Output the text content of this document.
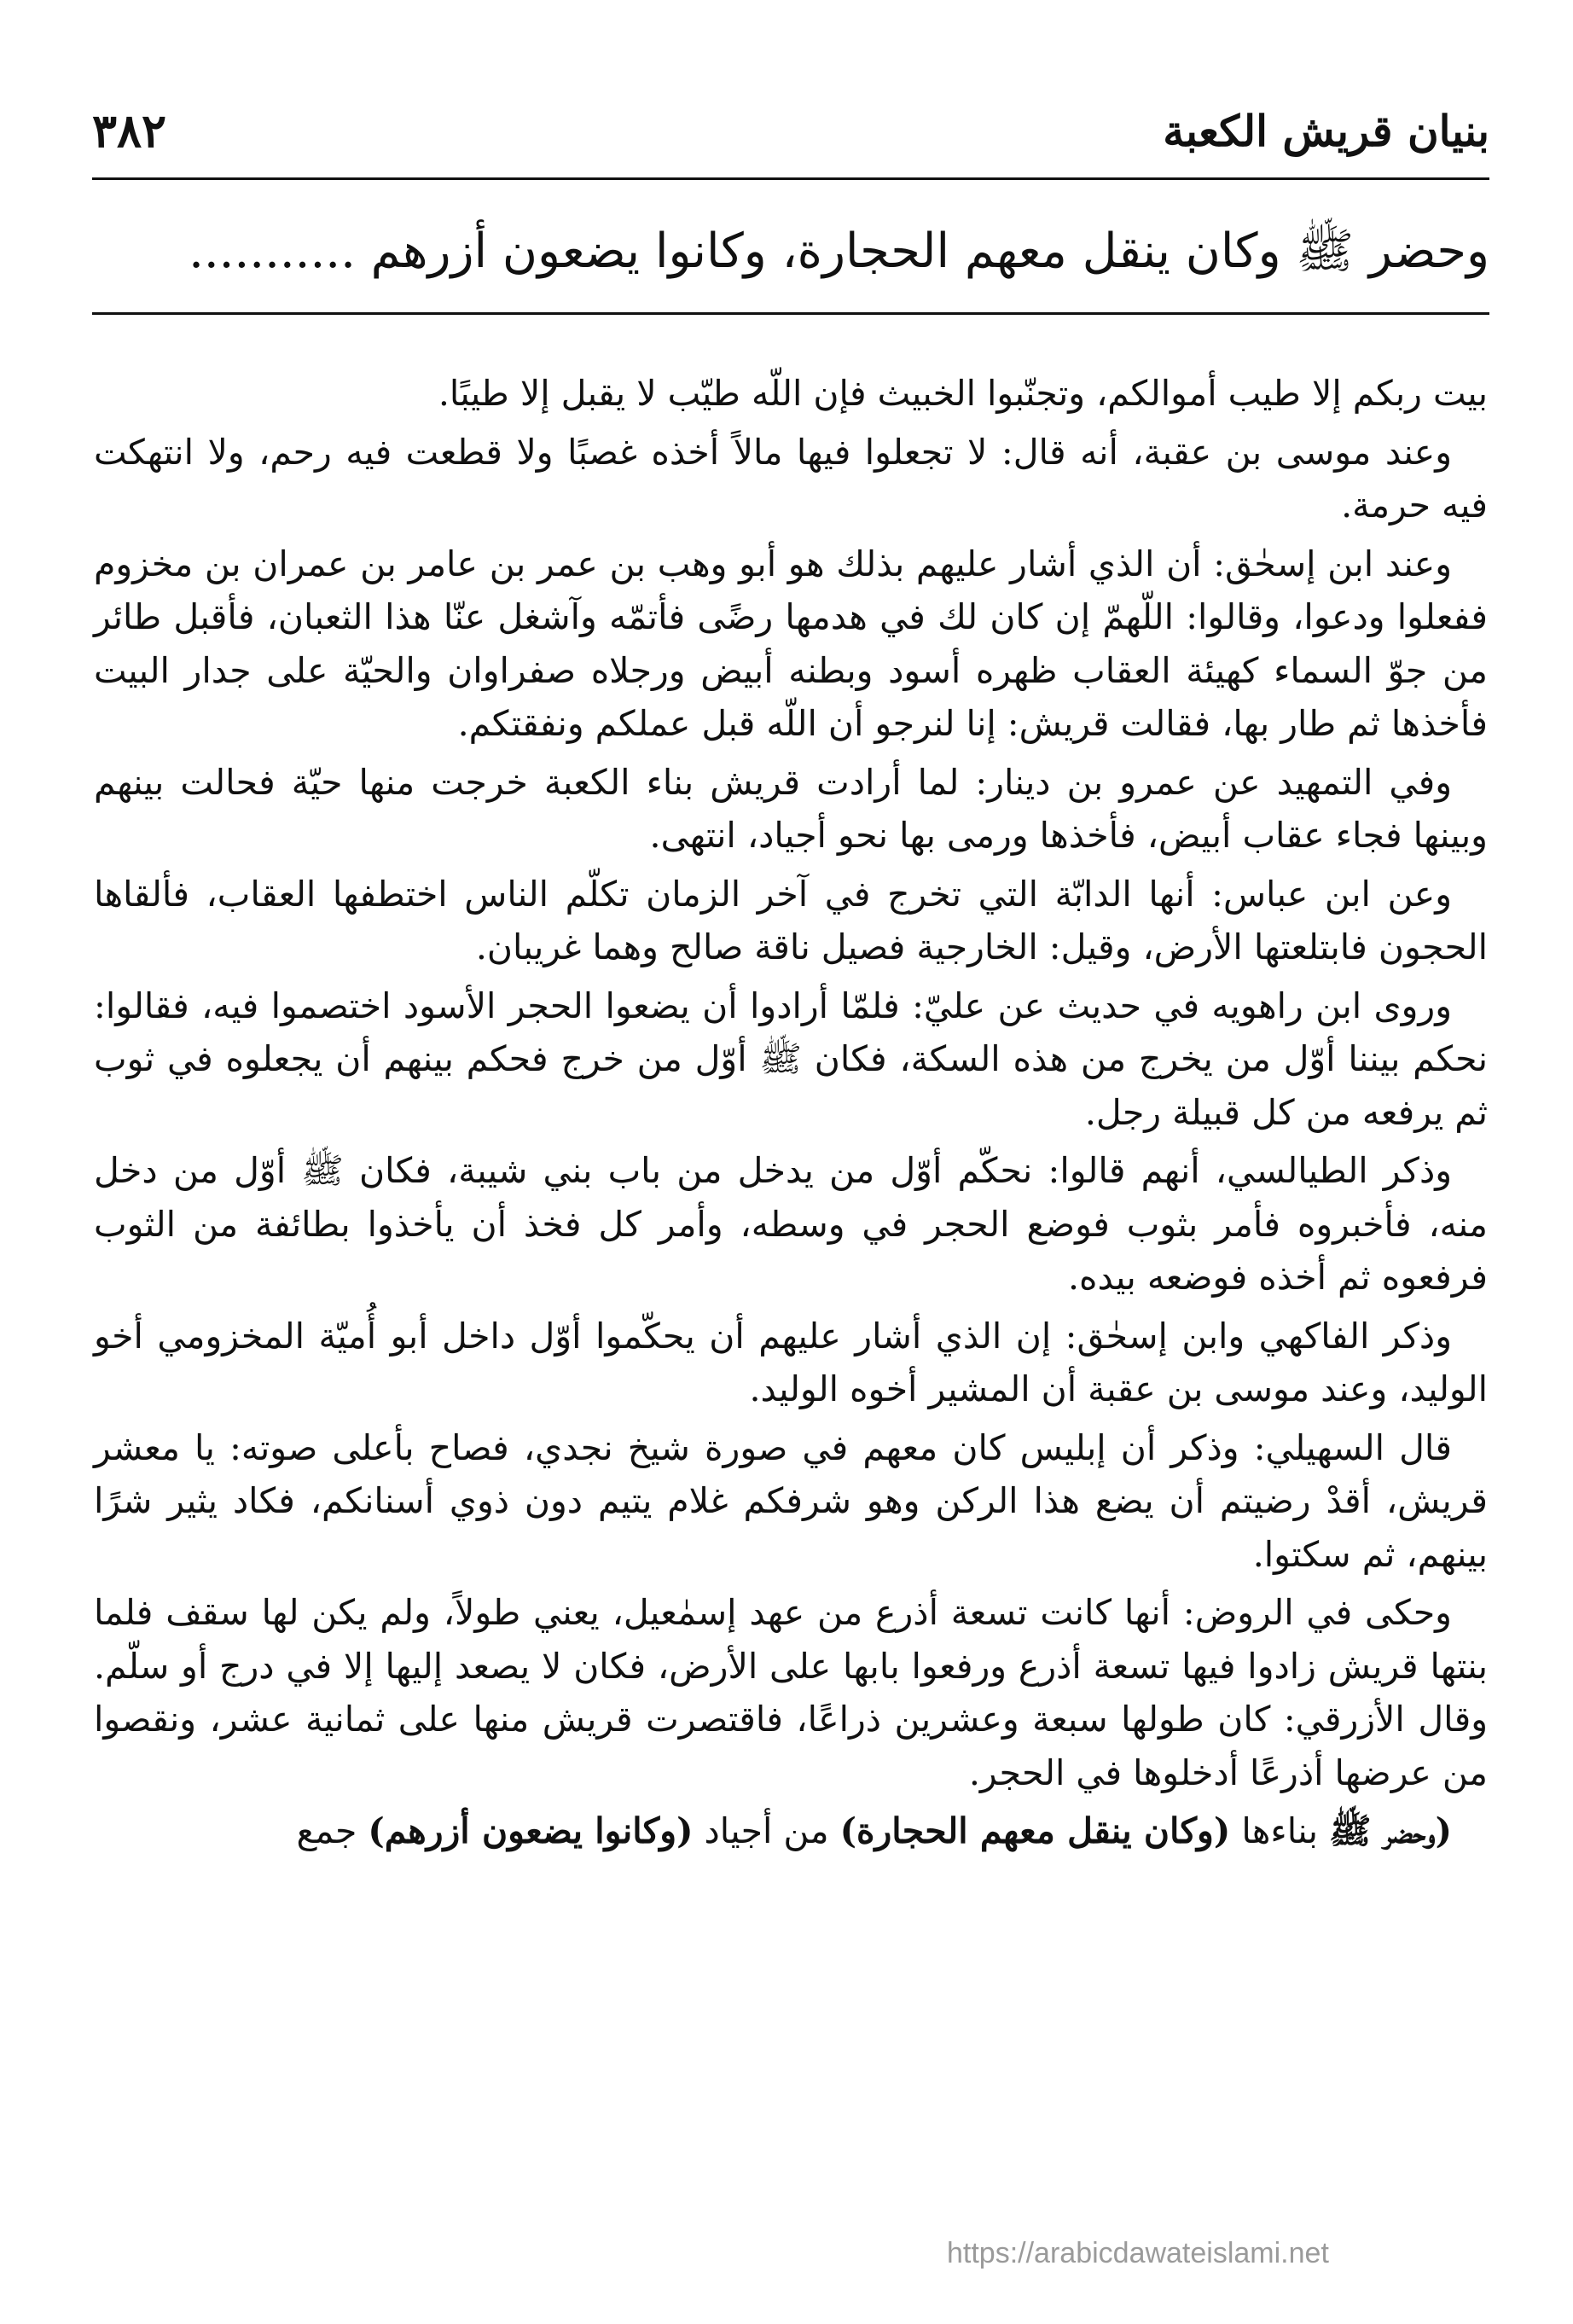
٣٨٢	بنيان قريش الكعبة
وحضر ﷺ وكان ينقل معهم الحجارة، وكانوا يضعون أزرهم ...........

بيت ربكم إلا طيب أموالكم، وتجنّبوا الخبيث فإن اللّه طيّب لا يقبل إلا طيبًا.

وعند موسى بن عقبة، أنه قال: لا تجعلوا فيها مالاً أخذه غصبًا ولا قطعت فيه رحم، ولا انتهكت فيه حرمة.

وعند ابن إسحٰق: أن الذي أشار عليهم بذلك هو أبو وهب بن عمر بن عامر بن عمران بن مخزوم ففعلوا ودعوا، وقالوا: اللّهمّ إن كان لك في هدمها رضًى فأتمّه وآشغل عنّا هذا الثعبان، فأقبل طائر من جوّ السماء كهيئة العقاب ظهره أسود وبطنه أبيض ورجلاه صفراوان والحيّة على جدار البيت فأخذها ثم طار بها، فقالت قريش: إنا لنرجو أن اللّه قبل عملكم ونفقتكم.

وفي التمهيد عن عمرو بن دينار: لما أرادت قريش بناء الكعبة خرجت منها حيّة فحالت بينهم وبينها فجاء عقاب أبيض، فأخذها ورمى بها نحو أجياد، انتهى.

وعن ابن عباس: أنها الدابّة التي تخرج في آخر الزمان تكلّم الناس اختطفها العقاب، فألقاها الحجون فابتلعتها الأرض، وقيل: الخارجية فصيل ناقة صالح وهما غريبان.

وروى ابن راهويه في حديث عن عليّ: فلمّا أرادوا أن يضعوا الحجر الأسود اختصموا فيه، فقالوا: نحكم بيننا أوّل من يخرج من هذه السكة، فكان ﷺ أوّل من خرج فحكم بينهم أن يجعلوه في ثوب ثم يرفعه من كل قبيلة رجل.

وذكر الطيالسي، أنهم قالوا: نحكّم أوّل من يدخل من باب بني شيبة، فكان ﷺ أوّل من دخل منه، فأخبروه فأمر بثوب فوضع الحجر في وسطه، وأمر كل فخذ أن يأخذوا بطائفة من الثوب فرفعوه ثم أخذه فوضعه بيده.

وذكر الفاكهي وابن إسحٰق: إن الذي أشار عليهم أن يحكّموا أوّل داخل أبو أُميّة المخزومي أخو الوليد، وعند موسى بن عقبة أن المشير أخوه الوليد.

قال السهيلي: وذكر أن إبليس كان معهم في صورة شيخ نجدي، فصاح بأعلى صوته: يا معشر قريش، أقدْ رضيتم أن يضع هذا الركن وهو شرفكم غلام يتيم دون ذوي أسنانكم، فكاد يثير شرًا بينهم، ثم سكتوا.

وحكى في الروض: أنها كانت تسعة أذرع من عهد إسمٰعيل، يعني طولاً، ولم يكن لها سقف فلما بنتها قريش زادوا فيها تسعة أذرع ورفعوا بابها على الأرض، فكان لا يصعد إليها إلا في درج أو سلّم. وقال الأزرقي: كان طولها سبعة وعشرين ذراعًا، فاقتصرت قريش منها على ثمانية عشر، ونقصوا من عرضها أذرعًا أدخلوها في الحجر.

(وحضر ﷺ بناءها (وكان ينقل معهم الحجارة) من أجياد (وكانوا يضعون أزرهم) جمع

https://arabicdawateislami.net
